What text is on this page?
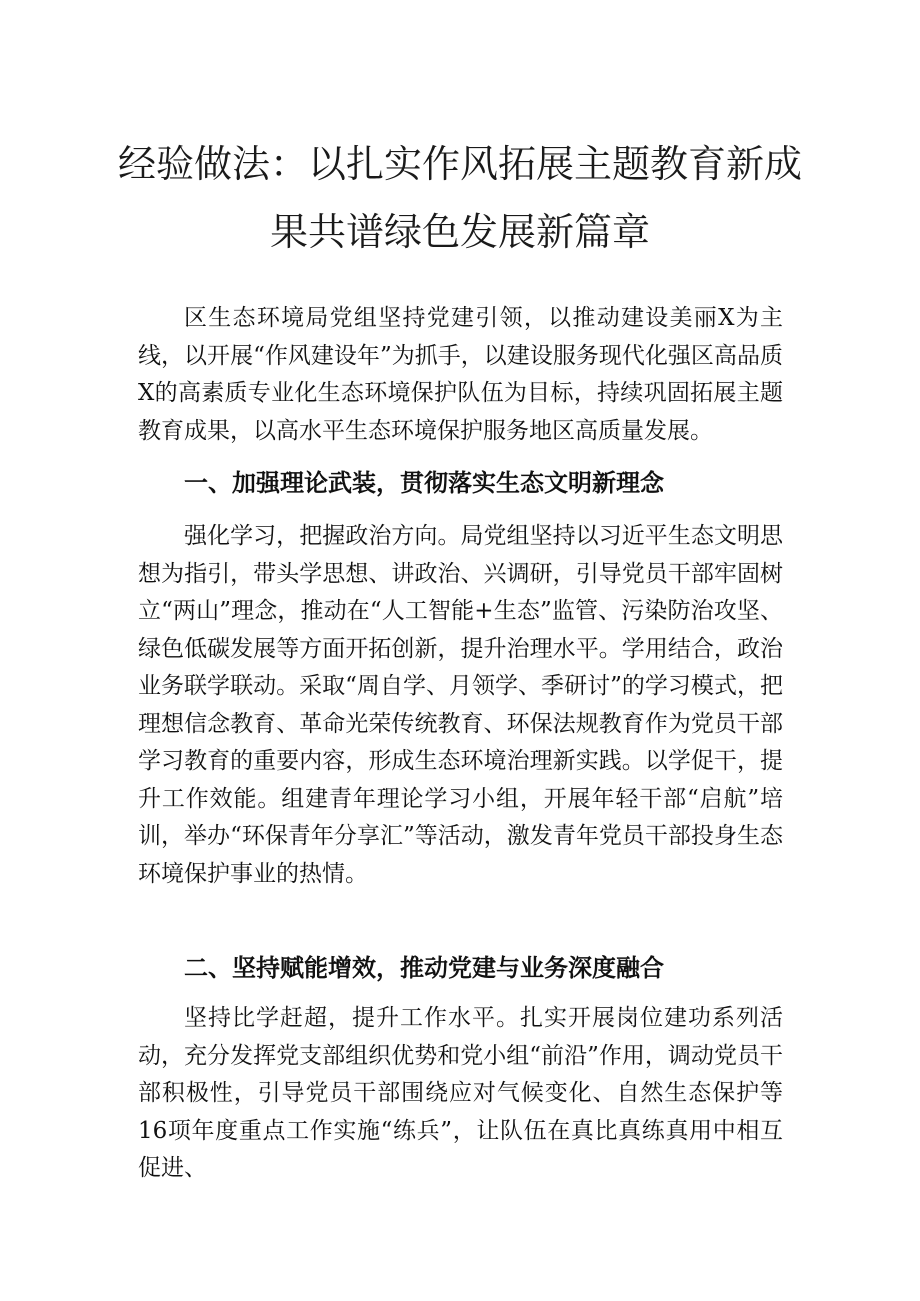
经验做法：以扎实作风拓展主题教育新成
果共谱绿色发展新篇章

区生态环境局党组坚持党建引领，以推动建设美丽X为主线，以开展“作风建设年”为抓手，以建设服务现代化强区高品质X的高素质专业化生态环境保护队伍为目标，持续巩固拓展主题教育成果，以高水平生态环境保护服务地区高质量发展。

一、加强理论武装，贯彻落实生态文明新理念

强化学习，把握政治方向。局党组坚持以习近平生态文明思想为指引，带头学思想、讲政治、兴调研，引导党员干部牢固树立“两山”理念，推动在“人工智能+生态”监管、污染防治攻坚、绿色低碳发展等方面开拓创新，提升治理水平。学用结合，政治业务联学联动。采取“周自学、月领学、季研讨”的学习模式，把理想信念教育、革命光荣传统教育、环保法规教育作为党员干部学习教育的重要内容，形成生态环境治理新实践。以学促干，提升工作效能。组建青年理论学习小组，开展年轻干部“启航”培训，举办“环保青年分享汇”等活动，激发青年党员干部投身生态环境保护事业的热情。

二、坚持赋能增效，推动党建与业务深度融合

坚持比学赶超，提升工作水平。扎实开展岗位建功系列活动，充分发挥党支部组织优势和党小组“前沿”作用，调动党员干部积极性，引导党员干部围绕应对气候变化、自然生态保护等16项年度重点工作实施“练兵”，让队伍在真比真练真用中相互促进、
